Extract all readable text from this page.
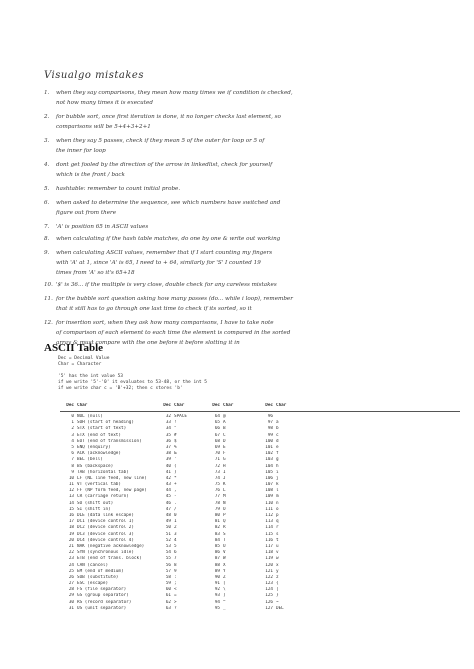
Visualgo mistakes
1.	when they say comparisons, they mean how many times we if condition is checked,
not how many times it is executed
2.	for bubble sort, once first iteration is done, it no longer checks last element, so
comparisons will be 5+4+3+2+1
3.	when they say 5 passes, check if they mean 5 of the outer for loop or 5 of
the inner for loop
4.	dont get fooled by the direction of the arrow in linkedlist, check for yourself
which is the front / back
5.	hashtable: remember to count initial probe.
6.	when asked to determine the sequence, see which numbers have switched and
figure out from there
7.	'A' is position 65 in ASCII values
8.	when calculating if the hash table matches, do one by one & write out working
9.	when calculating ASCII values, remember that if I start counting my fingers
with 'A' at 1, since 'A' is 65, I need to + 64, similarly for 'S' I counted 19
times from 'A' so it's 65+18
10. '$' is 36... if the multiple is very close, double check for any careless mistakes
11. for the bubble sort question asking how many passes (do... while i loop), remember
that it still has to go through one last time to check if its sorted, so it
12. for insertion sort, when they ask how many comparisons, I have to take note
of comparison of each element to each time the element is compared in the sorted
array & must compare with the one before it before slotting it in
ASCII Table
Dec = Decimal Value
Char = Character
'5' has the int value 53
if we write '5'-'0' it evaluates to 53-48, or the int 5
if we write char c = 'B'+32; then c stores 'b'
Dec Char	Dec Char	Dec Char	Dec Char
0 NUL (null)	32 SPACE	64 @	96 `
1 SOH (start of heading)	33 !	65 A	97 a
2 STX (start of text)	34 "	66 B	98 b
3 ETX (end of text)	35 #	67 C	99 c
4 EOT (end of transmission)	36 $	68 D	100 d
5 ENQ (enquiry)	37 %	69 E	101 e
6 ACK (acknowledge)	38 &	70 F	102 f
7 BEL (bell)	39 '	71 G	103 g
8 BS (backspace)	40 (	72 H	104 h
9 TAB (horizontal tab)	41 )	73 I	105 i
10 LF (NL line feed, new line)	42 *	74 J	106 j
11 VT (vertical tab)	43 +	75 K	107 k
12 FF (NP form feed, new page)	44 ,	76 L	108 l
13 CR (carriage return)	45 -	77 M	109 m
14 SO (shift out)	46 .	78 N	110 n
15 SI (shift in)	47 /	79 O	111 o
16 DLE (data link escape)	48 0	80 P	112 p
17 DC1 (device control 1)	49 1	81 Q	113 q
18 DC2 (device control 2)	50 2	82 R	114 r
19 DC3 (device control 3)	51 3	83 S	115 s
20 DC4 (device control 4)	52 4	84 T	116 t
21 NAK (negative acknowledge)	53 5	85 U	117 u
22 SYN (synchronous idle)	54 6	86 V	118 v
23 ETB (end of trans. block)	55 7	87 W	119 w
24 CAN (cancel)	56 8	88 X	120 x
25 EM (end of medium)	57 9	89 Y	121 y
26 SUB (substitute)	58 :	90 Z	122 z
27 ESC (escape)	59 ;	91 [	123 {
28 FS (file separator)	60 <	92 \	124 |
29 GS (group separator)	61 =	93 ]	125 }
30 RS (record separator)	62 >	94 ^	126 ~
31 US (unit separator)	63 ?	95 _	127 DEL
